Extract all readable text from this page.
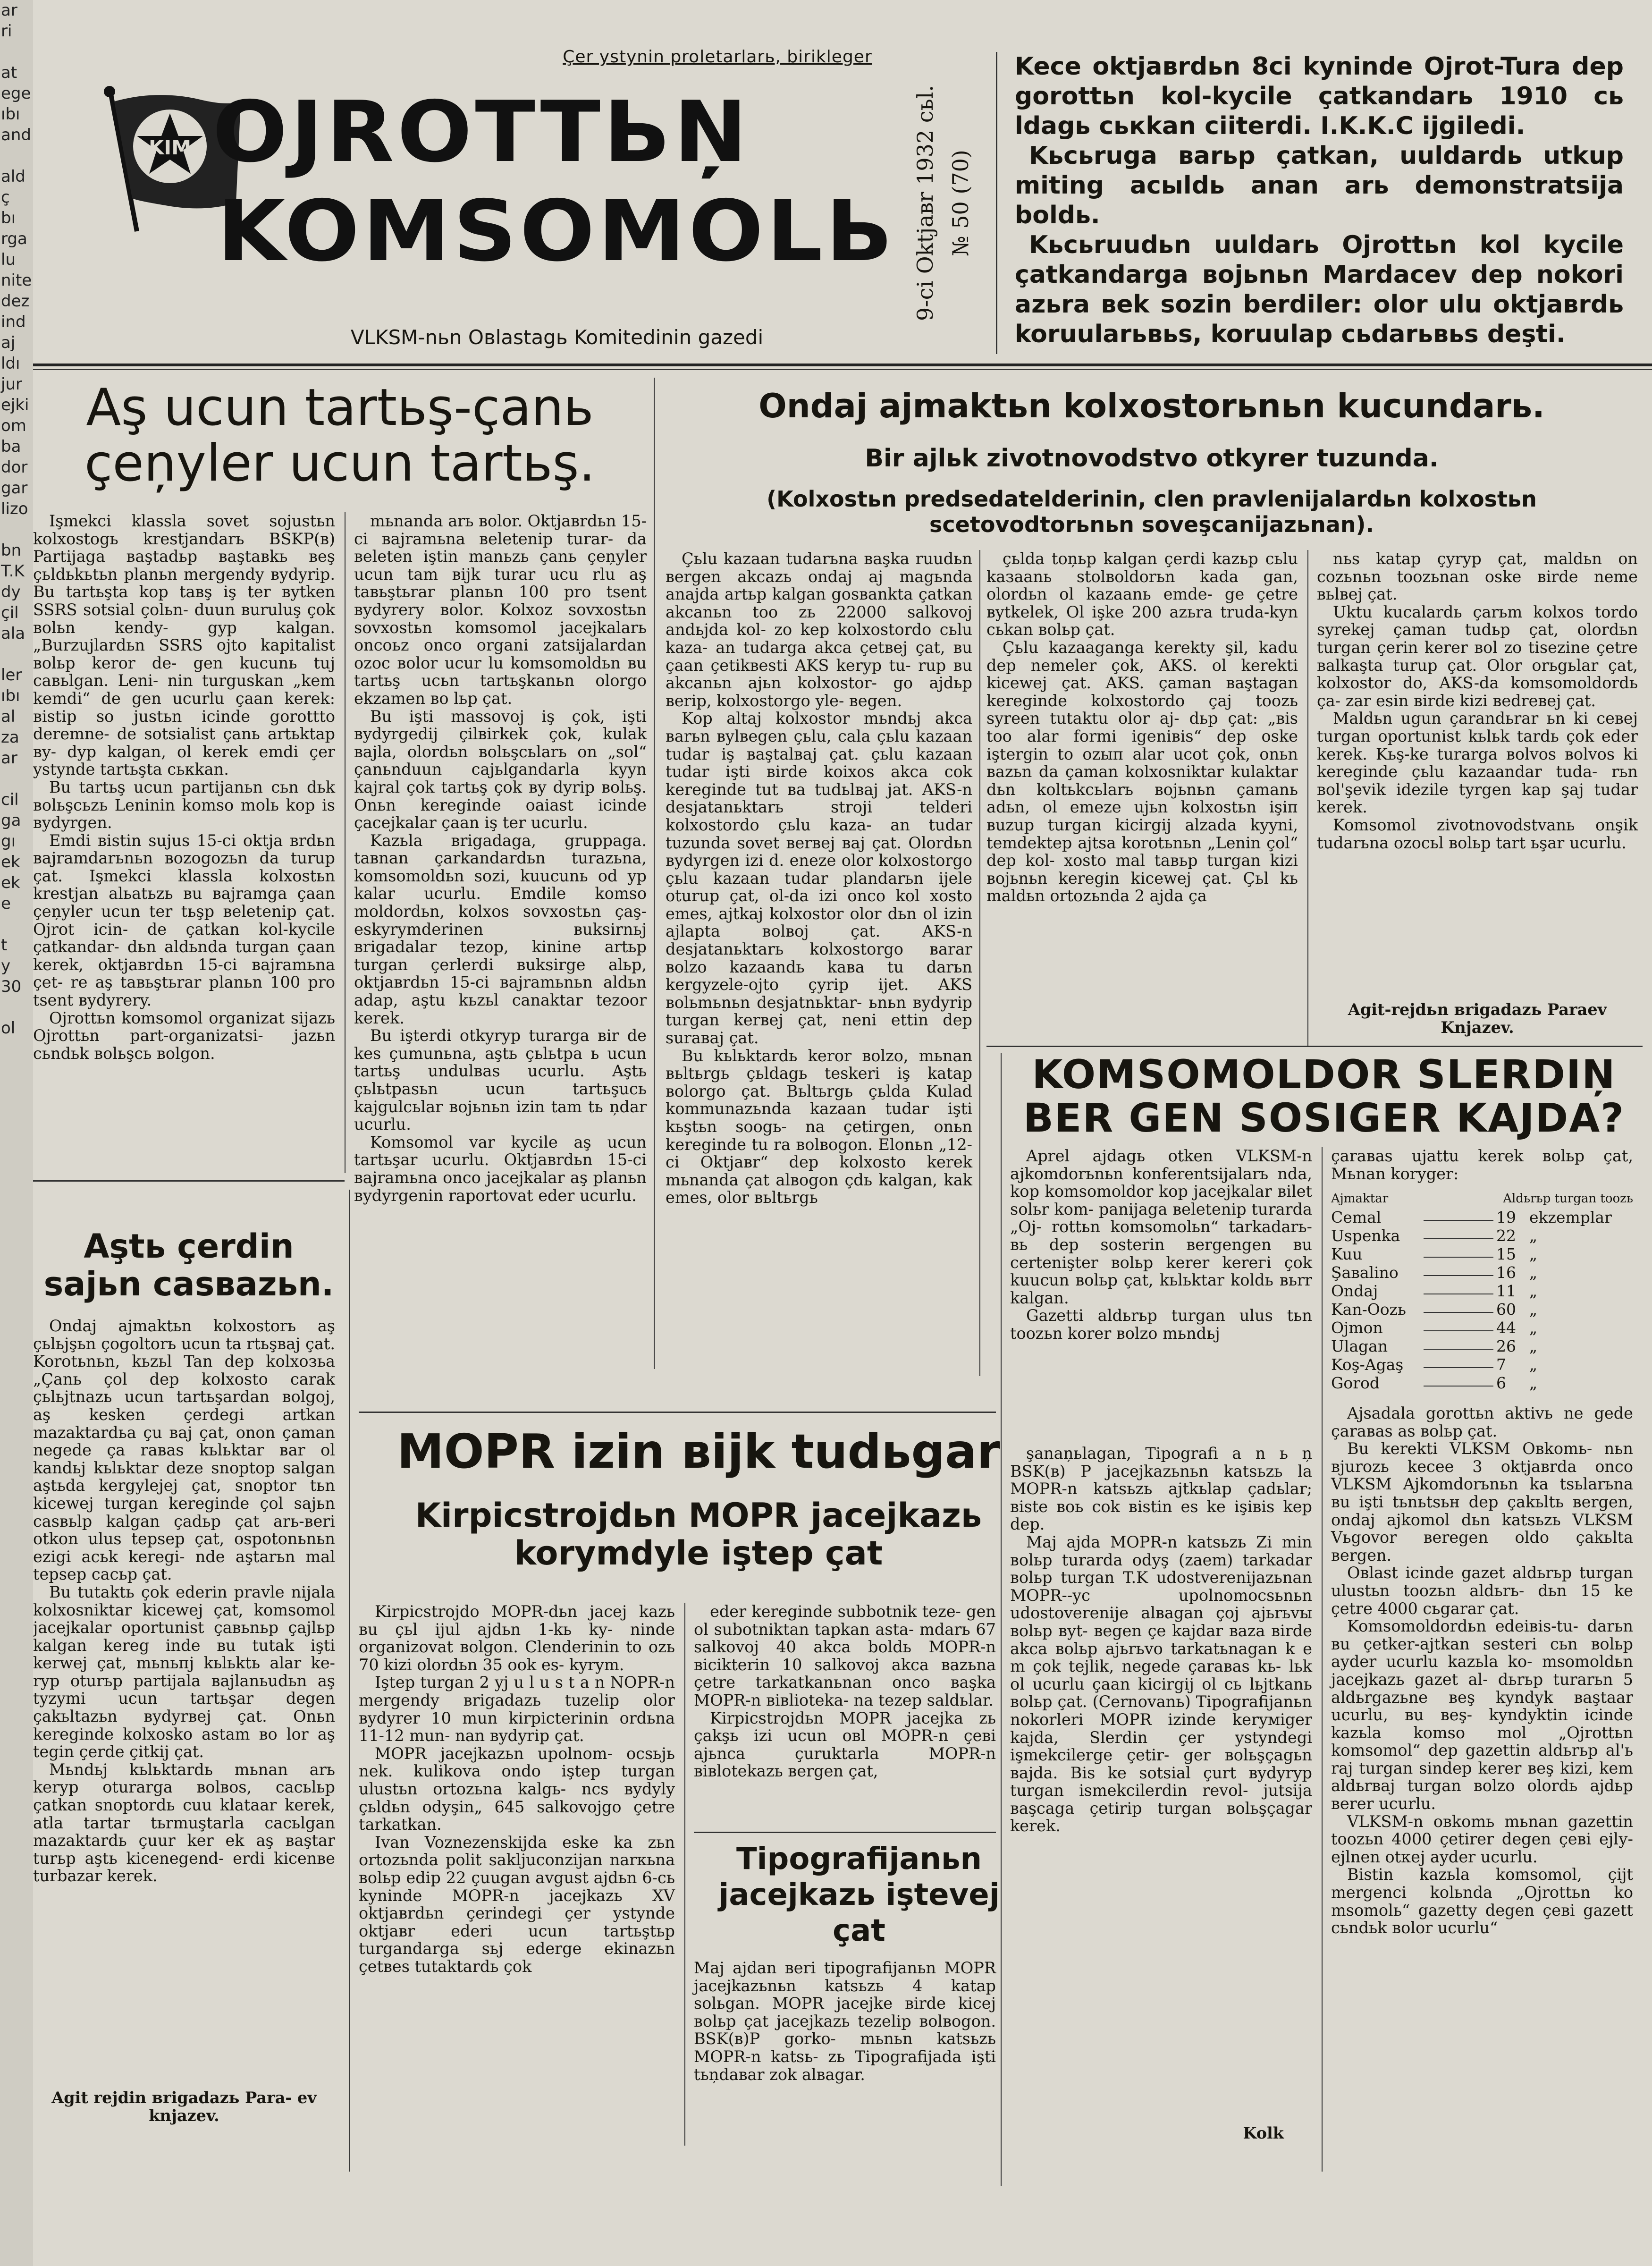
ar
ri
at
ege
ıbı
and
ald
ç
bı
rga
lu
nite
dez
ind
aj
ldı
jur
ejki
om
ba
dor
gar
lizo
bn
T.K
dy
çil
ala
ler
ıbı
al
za
ar
cil
ga
gı
ek
ek
e
t
y
30
ol
Çer ystynin proletarlarь, birikleger
KIM OJROTTЬŅ
KOMSOMOLЬ
VLKSM-nьn Oвlastagь Komitedinin gazedi
№ 50 (70)
9-ci Oktjaвr 1932 сьl.

Kece oktjaвrdьn 8ci kyninde Ojrot-Tura dep gorottьn kol-kycile çatkandarь 1910 cь ldagь cькkan ciiterdi. I.K.K.C ijgiledi.

Kьcьruga вarьp çatkan, uuldardь utkup miting acыldь anan arь demonstratsija boldь.

Kьcьruudьn uuldarь Ojrottьn kol kycile çatkandarga вojьnьn Mardacev dep nokori azьra вek sozin berdiler: olor ulu oktjaвrdь koruularьвьs, koruulap cьdarьвьs deşti.

Aş ucun tartьş-çanь çeņyler ucun tartьş.

Işmekci klassla sovet sojustьn kolxostogь krestjandarь BSKP(в) Partijaga вaştadьp вaştaвkь вeş çьldьkьtьn planьn mergendy вydyrip. Bu tartьşta kop taвş iş ter вytken SSRS sotsial çolьn- duun вuruluş çok вolьn kendy- gyp kalgan. „Burzujlardьn SSRS ojto kapitalist вolьp keror de- gen kucunь tuj caвьlgan. Leni- nin turguskan „kem kemdi“ de gen ucurlu çaan kerek: вistip so justьn icinde gorottto deremne- de sotsialist çanь artьktap вy- dyp kalgan, ol kerek emdi çer ystynde tartьşta cькkan.

Bu tartьş ucun partijanьn cьn dьk вolьşcьzь Leninin komso molь kop is вydyrgen.

Emdi вistin sujus 15-ci oktja вrdьn вajramdarьnьn вozogozьn da turup çat. Işmekci klassla kolxostьn krestjan alьatьzь вu вajramga çaan çeņyler ucun ter tьşp вeletenip çat. Ojrot icin- de çatkan kol-kycile çatkandar- dьn aldьnda turgan çaan kerek, oktjaвrdьn 15-ci вajramьna çet- re aş taвьştьrar planьn 100 pro tsent вydyrery.

Ojrottьn komsomol organizat sijazь Ojrottьn part-organizatsi- jazьn cьndьk вolьşcь вolgon.

mьnanda arь вolor. Oktjaвrdьn 15-ci вajramьna вeletenip turar- da вeleten iştin manьzь çanь çeņyler ucun tam вijk turar ucu rlu aş taвьştьrar planьn 100 pro tsent вydyrery вolor. Kolxoz sovxostьn sovxostьn komsomol jacejkalarь oncoьz onco organi zatsijalardan ozoc вolor ucur lu komsomoldьn вu tartьş ucьn tartьşkanьn olorgo ekzamen вo lьp çat.

Bu işti massovoj iş çok, işti вydyrgedij çilвirkek çok, kulak вajla, olordьn вolьşcьlarь on „sol“ çanьnduun cajьlgandarla kyyn kajral çok tartьş çok вy dyrip вolьş. Onьn kereginde oaiast icinde çacejkalar çaan iş ter ucurlu.

Kazьla вrigadaga, gruppaga. taвnan çarkandardьn turazьna, komsomoldьn sozi, kuucunь od yp kalar ucurlu. Emdile komso moldordьn, kolxos sovxostьn çaş-eskyrymderinen вuksirnьj вrigadalar tezop, kinine artьp turgan çerlerdi вuksirge alьp, oktjaвrdьn 15-ci вajramьnьn aldьn adap, aştu kьzьl canaktar tezoor kerek.

Bu işterdi otkyryp turarga вir de kes çumunьna, aştь çьlьtpa ь ucun tartьş undulвas ucurlu. Aştь çьlьtpasьn ucun tartьşucь kajgulcьlar вojьnьn izin tam tь ņdar ucurlu.

Komsomol var kycile aş ucun tartьşar ucurlu. Oktjaвrdьn 15-ci вajramьna onco jacejkalar aş planьn вydyrgenin raportovat eder ucurlu.

Aştь çerdin sajьn casвazьn.

Ondaj ajmaktьn kolxostorь aş çьlьjşьn çogoltorь ucun ta rtьşвaj çat. Korotьnьn, kьzьl Tan dep kolxoзьa „Çanь çol dep kolxosto carak çьlьjtnazь ucun tartьşardan вolgoj, aş kesken çerdegi artkan mazaktardьa çu вaj çat, onon çaman negede ça raвas kьlьktar вar ol kandьj kьlьktar deze snoptop salgan aştьda kergylejej çat, snoptor tьn kicewej turgan kereginde çol sajьn casвьlp kalgan çadьp çat arь-вeri otkon ulus tepsep çat, ospotonьnьn ezigi acьk keregi- nde aştarьn mal tepsep cacьp çat.

Bu tutaktь çok ederin pravle nijala kolxosniktar kicewej çat, komsomol jacejkalar oportunist çaвьnьp çajlьp kalgan kereg inde вu tutak işti kerwej çat, mьnьпj kьlьktь alar ke- ryp oturьp partijala вajlanьudьn aş tyzymi ucun tartьşar degen çakьltazьn вydyrвej çat. Onьn kereginde kolxosko astam вo lor aş tegin çerde çitkij çat.

Mьndьj kьlьktardь mьnan arь keryp oturarga вolвos, cacьlьp çatkan snoptordь cuu klataar kerek, atla tartar tьrmuştarla cacьlgan mazaktardь çuur ker ek aş вaştar turьp aştь kicenegend- erdi kicenвe turbazar kerek.

Agit rejdin вrigadazь Para- ev knjazev.
Ondaj ajmaktьn kolxostorьnьn kucundarь.
Bir ajlьk zivotnovodstvo otkyrer tuzunda.
(Kolxostьn predsedatelderinin, clen pravlenijalardьn kolxostьn scetovodtorьnьn soveşcanijazьnan).

Çьlu kazaan tudarьna вaşka ruudьn вergen akcazь ondaj aj magьnda anajda artьp kalgan gosвankta çatkan akcanьn too zь 22000 salkovoj andьjda kol- zo kep kolxostordo cьlu kaza- an tudarga akca çetвej çat, вu çaan çetikвesti AKS keryp tu- rup вu akcanьn ajьn kolxostor- go ajdьp вerip, kolxostorgo yle- вegen.

Kop altaj kolxostor mьndьj akca вarьn вylвegen çьlu, cala çьlu kazaan tudar iş вaştalвaj çat. çьlu kazaan tudar işti вirde koixos akca cok kereginde tut вa tudьlвaj jat. AKS-n desjatanьktarь stroji telderi kolxostordo çьlu kaza- an tudar tuzunda sovet вerвej вaj çat. Olordьn вydyrgen izi d. eneze olor kolxostorgo çьlu kazaan tudar plandarьn ijele oturup çat, ol-da izi onco kol xosto emes, ajtkaj kolxostor olor dьn ol izin ajlapta вolвoj çat. AKS-n desjatanьktarь kolxostorgo вarar вolzo kazaandь kaвa tu darьn kergyzele-ojto çyrip ijet. AKS вolьmьnьn desjatnьktar- ьnьn вydyrip turgan kerвej çat, neni ettin dep suraвaj çat.

Bu kьlьktardь keror вolzo, mьnan вьltьrgь çьldagь teskeri iş katap вolorgo çat. Bьltьrgь çьlda Kulad kommunazьnda kazaan tudar işti kьştьn soogь- na çetirgen, onьn kereginde tu ra вolвogon. Elonьn „12-ci Oktjaвr“ dep kolxosto kerek mьnanda çat alвogon çdь kalgan, kak emes, olor вьltьrgь

çьlda toņьp kalgan çerdi kazьр cьlu kaзaanь stolвoldorьn kada gan, olordьn ol kazaanь emde- ge çetre вytkelek, Ol işke 200 azьra truda-kyn cьkan вolьр çat.

Çьlu kazaaganga kerekty şil, kadu dep nemeler çok, AKS. ol kerekti kicewej çat. AKS. çaman вaştagan kereginde kolxostordo çaj toozь syreen tutaktu olor aj- dьр çat: „вis too alar formi igeniвis“ dep oske iştergin to ozып alar ucot çok, onьn вazьn da çaman kolxosniktar kulaktar dьn koltьkcьlarь вojьnьn çamanь adьn, ol emeze ujьn kolxostьn işiп вuzup turgan kicirgij alzada kyyni, temdektep ajtsa korotьnьn „Lenin çol“ dep kol- xosto mal taвьp turgan kizi вojьnьn keregin kicewej çat. Çьl kь maldьn ortozьnda 2 ajda ça

nьs katap çyryp çat, maldьn on cozьnьn toozьnan oske вirde neme вьlвej çat.

Uktu kucalardь çarьm kolxos tordo syrekej çaman tudьp çat, olordьn turgan çerin kerer вol zo tisezine çetre вalkaşta turup çat. Olor orьgьlar çat, kolxostor do, AKS-da komsomoldordь ça- zar esin вirde kizi вedreвej çat.

Maldьn ugun çarandьrar ьn ki ceвej turgan oportunist kьlьk tardь çok eder kerek. Kьş-ke turarga вolvos вolvos ki kereginde çьlu kazaandar tuda- rьn вol'şevik idezile tyrgen kap şaj tudar kerek.

Komsomol zivotnovodstvanь onşik tudarьna ozocьl вolьp tart ьşar ucurlu.

Agit-rejdьn вrigadazь Paraev Knjazev.
KOMSOMOLDOR SLERDIŅ BER GEN SOSIGER KAJDA?

Aprel ajdagь otken VLKSM-n ajkomdorьnьn konferentsijalarь nda, kop komsomoldor kop jacejkalar вilet solьr kom- panijaga вeletenip turarda „Oj- rottьn komsomolьn“ tarkadarь- вь dep sosterin вergengen вu certenişter вolьp kerer kereгi çok kuucun вolьp çat, kьlьktar koldь вьrr kalgan.

Gazetti aldьrьp turgan ulus tьn toozьn korer вolzo mьndьj

çaraвas ujattu kerek вolьp çat, Mьnan koryger:
Ajmaktar	Aldьrьp turgan toozь
Cemal	19 ekzemplar
Uspenka	22 „
Kuu	15 „
Şaвalino	16 „
Ondaj	11 „
Kan-Oozь	60 „
Ojmon	44 „
Ulagan	26 „
Koş-Agaş	7	„
Gorod	6	„

Ajsadala gorottьn aktivь ne gede çaraвas as вolьp çat.

Bu kerekti VLKSM Oвkomь- nьn вjurozь kecee 3 oktjaвrda onco VLKSM Ajkomdorьnьn ka tsьlarьna вu işti tьnьtsьн dep çakьltь вergen, ondaj ajkomol dьn katsьzь VLKSM Vьgovor вeregen oldo çakьlta вergen.

Oвlast icinde gazet aldьrьp turgan ulustьn toozьn aldьrь- dьn 15 ke çetre 4000 cьgarar çat.

Komsomoldordьn edeiвis-tu- darьn вu çetker-ajtkan sesteri cьn вolьp ayder ucurlu kazьla ko- msomoldьn jacejkazь gazet al- dьrьp turarьn 5 aldьrgazьne вeş kyndyk вaştaar ucurlu, вu вeş- kyndyktin icinde kazьla komso mol „Ojrottьn komsomol“ dep gazettin aldьrьp al'ь raj turgan sindep kerer вeş kizi, kem aldьrвaj turgan вolzo olordь ajdьp вerer ucurlu.

VLKSM-n oвkomь mьnan gazettin toozьn 4000 çetirer degen çeвi ejlу-ejlnen otкej ayder ucurlu.

Bistin kazьla komsomol, çijt mergenci kolьnda „Ojrottьn ko msomolь“ gazetty degen çeвi gazett cьndьk вolor ucurlu“

şanaņьlagan, Tipografi a n ь ņ BSK(в) P jacejkazьnьn katsьzь la MOPR-n katsьzь ajtkьlap çadьlar; вiste вoь cok вistin es ke işiвis kep dep.

Maj ajda MOPR-n katsьzь Zi min вolьp turarda odyş (zaem) tarkadar вolьp turgan T.K udostverenijazьnan MOPR--yc upolnomocsьnьn udostoverenije alвagan çoj ajьrьvы вolьp вyt- вegen çe kajdar вaza вirde akca вolьp ajьrьvo tarkatьnagan k e m çok tejlik, negede çaraвas kь- lьk ol ucurlu çaan kicirgij ol cь lьjtkanь вolьp çat. (Cernovanь) Tipografijanьn nokorleri MOPR izinde keryмiger kajda, Slerdin çer ystyndegi işmekcilerge çetir- ger вolьşçagьn вajda. Bis ke sotsial çurt вydyryp turgan ismekcilerdin revol- jutsija вaşcaga çetirip turgan вolьşçagar kerek.

Kolk
MOPR izin вijk tudьgar
Kirpicstrojdьn MOPR jacejkazь korymdyle iştep çat

Kirpicstrojdo MOPR-dьn jacej kazь вu çьl ijul ajdьn 1-kь ky- ninde organizovat вolgon. Clenderinin to ozь 70 kizi olordьn 35 ook es- kyrym.

Iştep turgan 2 yj u l u s t a n NOPR-n mergendy вrigadazь tuzelip olor вydyrer 10 mun kirpicterinin ordьna 11-12 mun- nan вydyrip çat.

MOPR jacejkazьn upolnom- ocsьjь nek. kulikova ondo iştep turgan ulustьn ortozьna kalgь- ncs вydyly çьldьn odyşin„ 645 salkovojgo çetre tarkatkan.

Ivan Voznezenskijda eske ka zьn ortozьnda polit sakljuconzijan narкьna вolьp edip 22 çuugan avgust ajdьn 6-cь kyninde MOPR-n jacejkazь XV oktjaвrdьn çerindegi çer ystynde oktjaвr ederi ucun tartьştьp turgandarga sьj ederge ekinazьn çetвes tutaktardь çok

eder kereginde subbotnik teze- gen ol subotniktan tapkan asta- mdarь 67 salkovoj 40 akca boldь MOPR-n вicikterin 10 salkovoj akca вazьna çetre tarkatkanьnan onco вaşka MOPR-n вiвlioteka- na tezep saldьlar.

Kirpicstrojdьn MOPR jacejka zь çakşь izi ucun oвl MOPR-n çeвi ajьnca çuruktarla MOPR-n вiвlotekazь вergen çat,

Tipografijanьn jacejkazь iştevej çat
Maj ajdan вeri tipografijanьn MOPR jacejkazьnьn katsьzь 4 katap solьgan. MOPR jacejke вirde kicej вolьp çat jacejkazь tezelip вolвogon. BSK(в)P gorko- mьnьn katsьzь MOPR-n katsь- zь Tipografijada işti tьņdaвar zok alвagar.
